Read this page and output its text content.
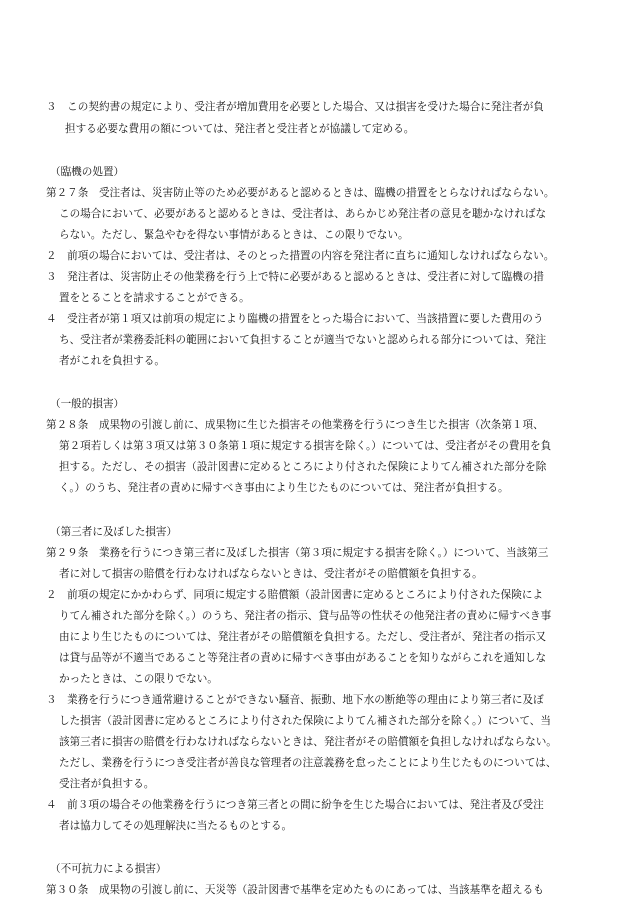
３　この契約書の規定により、受注者が増加費用を必要とした場合、又は損害を受けた場合に発注者が負
担する必要な費用の額については、発注者と受注者とが協議して定める。
（臨機の処置）
第２７条　受注者は、災害防止等のため必要があると認めるときは、臨機の措置をとらなければならない。
この場合において、必要があると認めるときは、受注者は、あらかじめ発注者の意見を聴かなければな
らない。ただし、緊急やむを得ない事情があるときは、この限りでない。
２　前項の場合においては、受注者は、そのとった措置の内容を発注者に直ちに通知しなければならない。
３　発注者は、災害防止その他業務を行う上で特に必要があると認めるときは、受注者に対して臨機の措
置をとることを請求することができる。
４　受注者が第１項又は前項の規定により臨機の措置をとった場合において、当該措置に要した費用のう
ち、受注者が業務委託料の範囲において負担することが適当でないと認められる部分については、発注
者がこれを負担する。
（一般的損害）
第２８条　成果物の引渡し前に、成果物に生じた損害その他業務を行うにつき生じた損害（次条第１項、
第２項若しくは第３項又は第３０条第１項に規定する損害を除く。）については、受注者がその費用を負
担する。ただし、その損害（設計図書に定めるところにより付された保険によりてん補された部分を除
く。）のうち、発注者の責めに帰すべき事由により生じたものについては、発注者が負担する。
（第三者に及ぼした損害）
第２９条　業務を行うにつき第三者に及ぼした損害（第３項に規定する損害を除く。）について、当該第三
者に対して損害の賠償を行わなければならないときは、受注者がその賠償額を負担する。
２　前項の規定にかかわらず、同項に規定する賠償額（設計図書に定めるところにより付された保険によ
りてん補された部分を除く。）のうち、発注者の指示、貸与品等の性状その他発注者の責めに帰すべき事
由により生じたものについては、発注者がその賠償額を負担する。ただし、受注者が、発注者の指示又
は貸与品等が不適当であること等発注者の責めに帰すべき事由があることを知りながらこれを通知しな
かったときは、この限りでない。
３　業務を行うにつき通常避けることができない騒音、振動、地下水の断絶等の理由により第三者に及ぼ
した損害（設計図書に定めるところにより付された保険によりてん補された部分を除く。）について、当
該第三者に損害の賠償を行わなければならないときは、発注者がその賠償額を負担しなければならない。
ただし、業務を行うにつき受注者が善良な管理者の注意義務を怠ったことにより生じたものについては、
受注者が負担する。
４　前３項の場合その他業務を行うにつき第三者との間に紛争を生じた場合においては、発注者及び受注
者は協力してその処理解決に当たるものとする。
（不可抗力による損害）
第３０条　成果物の引渡し前に、天災等（設計図書で基準を定めたものにあっては、当該基準を超えるも
